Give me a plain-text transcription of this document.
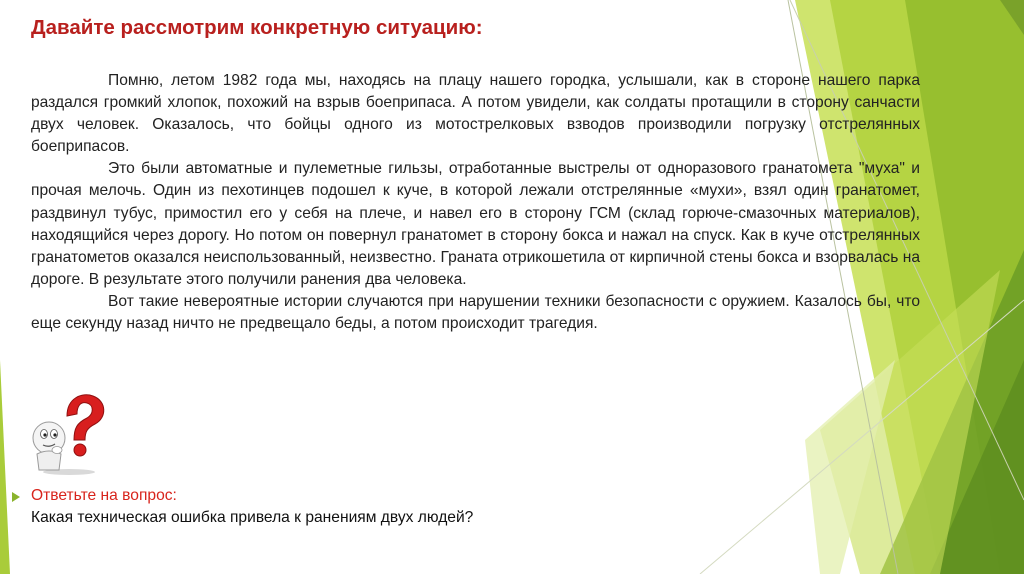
Давайте рассмотрим конкретную ситуацию:

Помню, летом 1982 года мы, находясь на плацу нашего городка, услышали, как в стороне нашего парка раздался громкий хлопок, похожий на взрыв боеприпаса. А потом увидели, как солдаты протащили в сторону санчасти двух человек. Оказалось, что бойцы одного из мотострелковых взводов производили погрузку отстрелянных боеприпасов.

Это были автоматные и пулеметные гильзы, отработанные выстрелы от одноразового гранатомета "муха" и прочая мелочь. Один из пехотинцев подошел к куче, в которой лежали отстрелянные «мухи», взял один гранатомет, раздвинул тубус, примостил его у себя на плече, и навел его в сторону ГСМ (склад горюче-смазочных материалов), находящийся через дорогу. Но потом он повернул гранатомет в сторону бокса и нажал на спуск. Как в куче отстрелянных гранатометов оказался неиспользованный, неизвестно. Граната отрикошетила от кирпичной стены бокса и взорвалась на дороге. В результате этого получили ранения два человека.

Вот такие невероятные истории случаются при нарушении техники безопасности с оружием. Казалось бы, что еще секунду назад ничто не предвещало беды, а потом происходит трагедия.

Ответьте на вопрос:
Какая техническая ошибка привела к ранениям двух людей?
